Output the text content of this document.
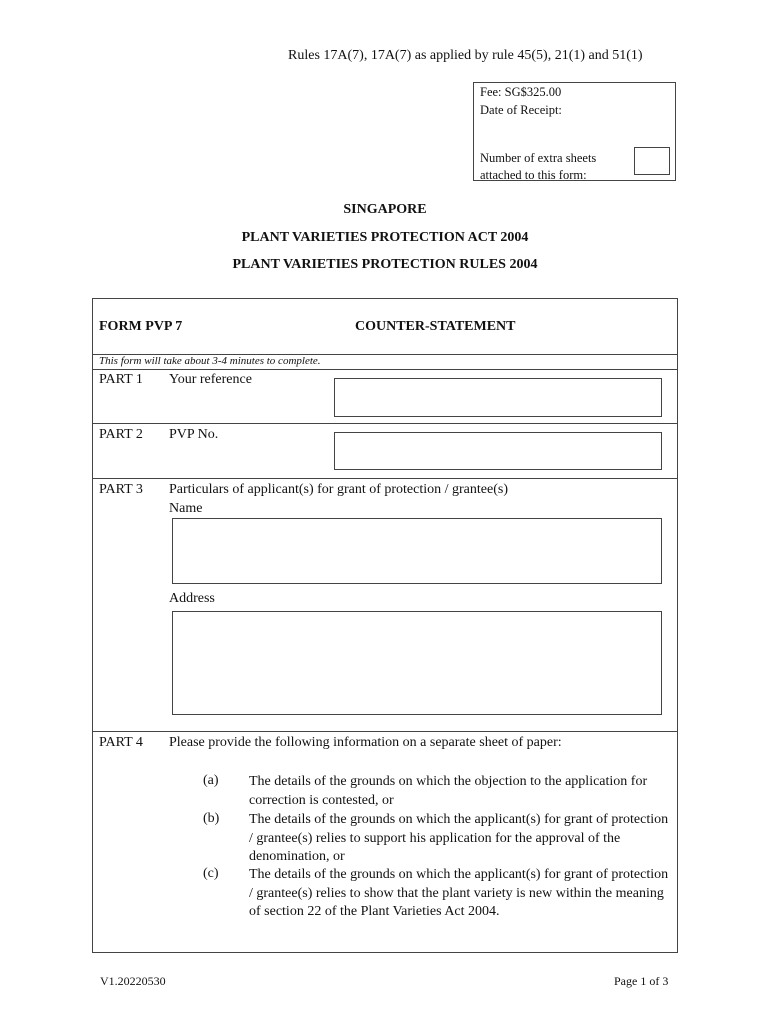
Rules 17A(7), 17A(7) as applied by rule 45(5), 21(1) and 51(1)
Fee: SG$325.00
Date of Receipt:
Number of extra sheets
attached to this form:
SINGAPORE
PLANT VARIETIES PROTECTION ACT 2004
PLANT VARIETIES PROTECTION RULES 2004
FORM PVP 7	COUNTER-STATEMENT
This form will take about 3-4 minutes to complete.
PART 1 Your reference
PART 2 PVP No.
PART 3 Particulars of applicant(s) for grant of protection / grantee(s)
Name
Address
PART 4 Please provide the following information on a separate sheet of paper:
(a) The details of the grounds on which the objection to the application for correction is contested, or
(b) The details of the grounds on which the applicant(s) for grant of protection / grantee(s) relies to support his application for the approval of the denomination, or
(c) The details of the grounds on which the applicant(s) for grant of protection / grantee(s) relies to show that the plant variety is new within the meaning of section 22 of the Plant Varieties Act 2004.
V1.20220530	Page 1 of 3
